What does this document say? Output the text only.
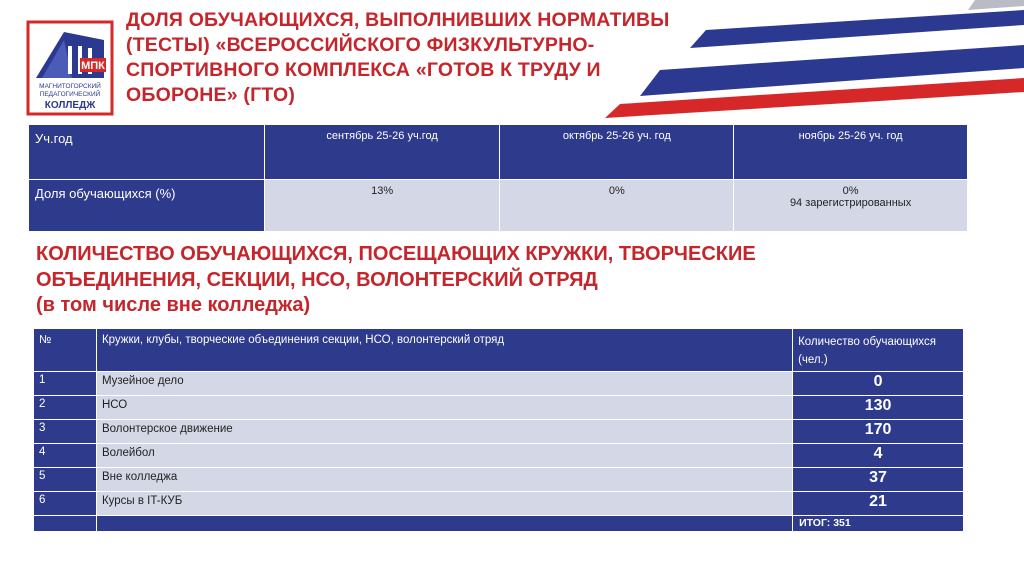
МПК
МАГНИТОГОРСКИЙ
ПЕДАГОГИЧЕСКИЙ
КОЛЛЕДЖ
ДОЛЯ ОБУЧАЮЩИХСЯ, ВЫПОЛНИВШИХ НОРМАТИВЫ (ТЕСТЫ) «ВСЕРОССИЙСКОГО ФИЗКУЛЬТУРНО-СПОРТИВНОГО КОМПЛЕКСА «ГОТОВ К ТРУДУ И ОБОРОНЕ» (ГТО)
Уч.год	сентябрь 25-26 уч.год	октябрь 25-26 уч. год	ноябрь 25-26 уч. год
Доля обучающихся (%)	13%	0%	0%
94 зарегистрированных
КОЛИЧЕСТВО ОБУЧАЮЩИХСЯ, ПОСЕЩАЮЩИХ КРУЖКИ, ТВОРЧЕСКИЕ
ОБЪЕДИНЕНИЯ, СЕКЦИИ, НСО, ВОЛОНТЕРСКИЙ ОТРЯД
(в том числе вне колледжа)
№	Кружки, клубы, творческие объединения секции, НСО, волонтерский отряд	Количество обучающихся (чел.)
1	Музейное дело	0
2	НСО	130
3	Волонтерское движение	170
4	Волейбол	4
5	Вне колледжа	37
6	Курсы в IT-КУБ	21
		ИТОГ: 351
